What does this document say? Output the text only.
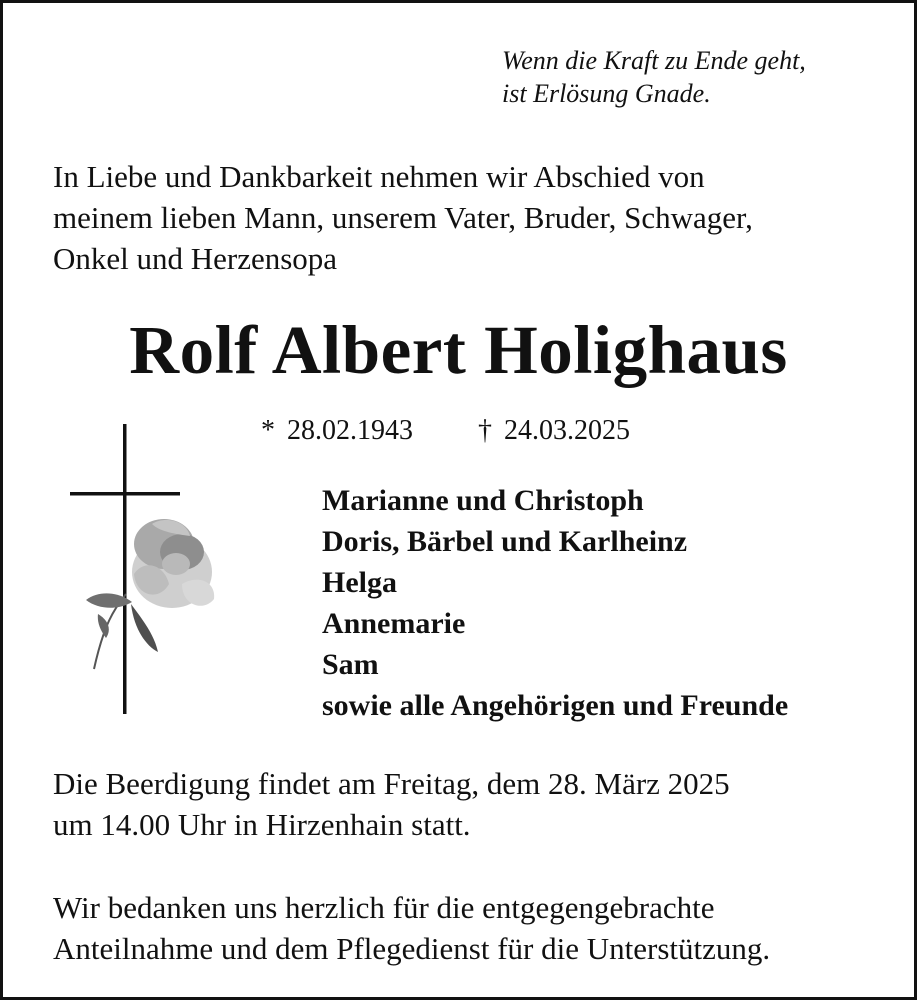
Wenn die Kraft zu Ende geht,
ist Erlösung Gnade.
In Liebe und Dankbarkeit nehmen wir Abschied von
meinem lieben Mann, unserem Vater, Bruder, Schwager,
Onkel und Herzensopa
Rolf Albert Holighaus
* 28.02.1943 † 24.03.2025
Marianne und Christoph
Doris, Bärbel und Karlheinz
Helga
Annemarie
Sam
sowie alle Angehörigen und Freunde
Die Beerdigung findet am Freitag, dem 28. März 2025
um 14.00 Uhr in Hirzenhain statt.
Wir bedanken uns herzlich für die entgegengebrachte
Anteilnahme und dem Pflegedienst für die Unterstützung.
